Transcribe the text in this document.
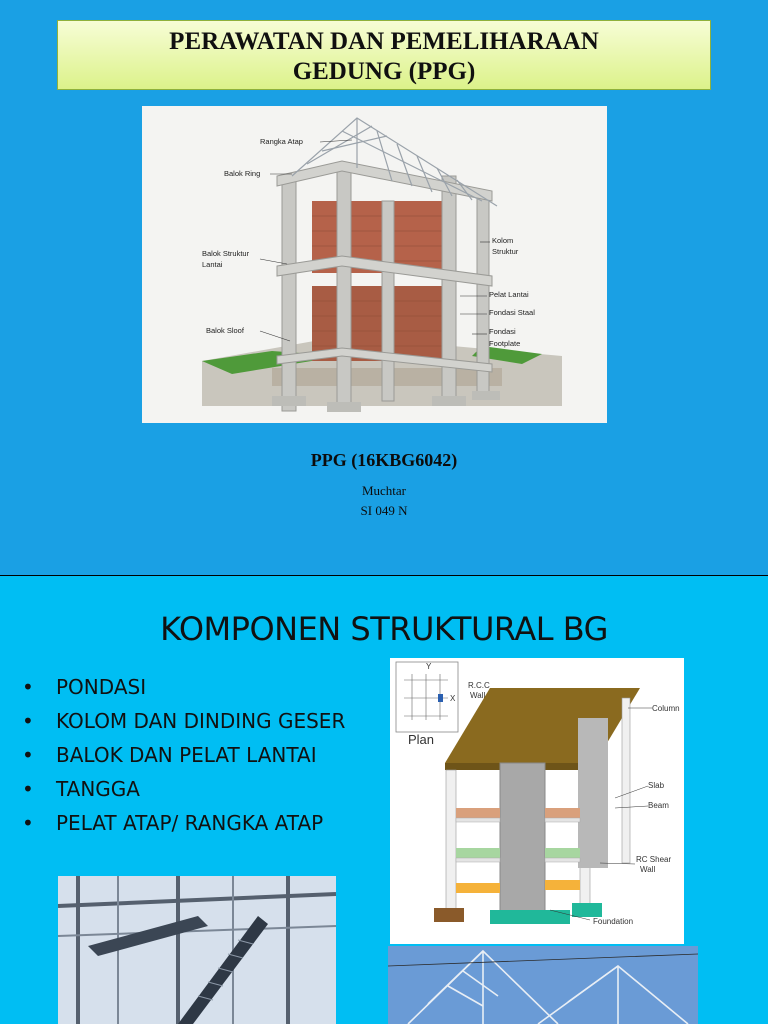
PERAWATAN DAN PEMELIHARAAN
GEDUNG (PPG)
Rangka Atap
Balok Ring
Balok Struktur
Lantai
Balok Sloof
Kolom
Struktur
Pelat Lantai
Fondasi Staal
Fondasi
Footplate
PPG (16KBG6042)
Muchtar
SI 049 N
KOMPONEN STRUKTURAL BG
• PONDASI
• KOLOM DAN DINDING GESER
• BALOK DAN PELAT LANTAI
• TANGGA
• PELAT ATAP/ RANGKA ATAP
Y
X
Plan
R.C.C
Wall
Column
Slab
Beam
RC Shear
Wall
Foundation
